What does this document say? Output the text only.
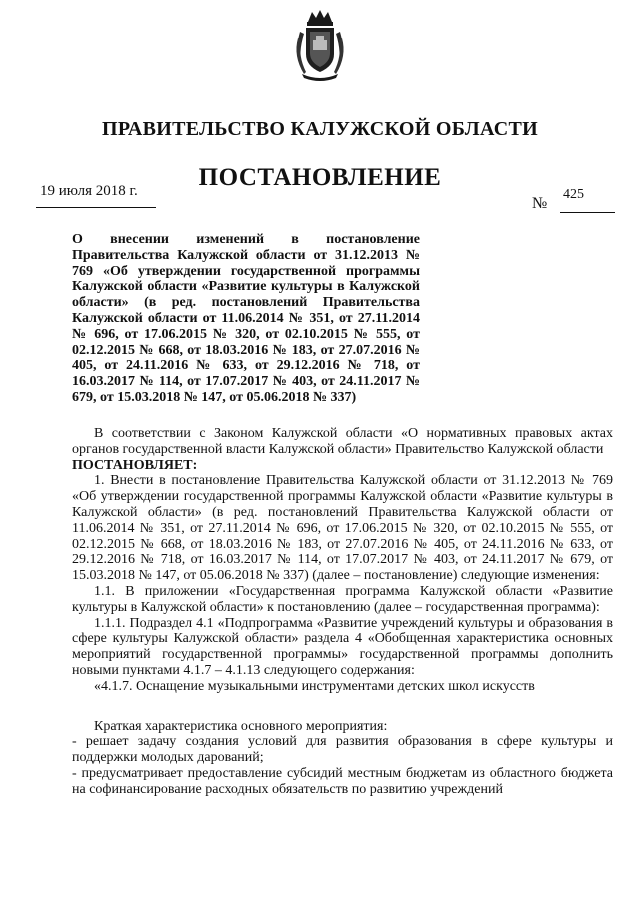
ПРАВИТЕЛЬСТВО КАЛУЖСКОЙ ОБЛАСТИ
ПОСТАНОВЛЕНИЕ
19 июля 2018 г.	425
№
О внесении изменений в постановление Правительства Калужской области от 31.12.2013 № 769 «Об утверждении государственной программы Калужской области «Развитие культуры в Калужской области» (в ред. постановлений Правительства Калужской области от 11.06.2014 № 351, от 27.11.2014 № 696, от 17.06.2015 № 320, от 02.10.2015 № 555, от 02.12.2015 № 668, от 18.03.2016 № 183, от 27.07.2016 № 405, от 24.11.2016 № 633, от 29.12.2016 № 718, от 16.03.2017 № 114, от 17.07.2017 № 403, от 24.11.2017 № 679, от 15.03.2018 № 147, от 05.06.2018 № 337)

В соответствии с Законом Калужской области «О нормативных правовых актах органов государственной власти Калужской области» Правительство Калужской области

ПОСТАНОВЛЯЕТ:

1. Внести в постановление Правительства Калужской области от 31.12.2013 № 769 «Об утверждении государственной программы Калужской области «Развитие культуры в Калужской области» (в ред. постановлений Правительства Калужской области от 11.06.2014 № 351, от 27.11.2014 № 696, от 17.06.2015 № 320, от 02.10.2015 № 555, от 02.12.2015 № 668, от 18.03.2016 № 183, от 27.07.2016 № 405, от 24.11.2016 № 633, от 29.12.2016 № 718, от 16.03.2017 № 114, от 17.07.2017 № 403, от 24.11.2017 № 679, от 15.03.2018 № 147, от 05.06.2018 № 337) (далее – постановление) следующие изменения:

1.1. В приложении «Государственная программа Калужской области «Развитие культуры в Калужской области» к постановлению (далее – государственная программа):

1.1.1. Подраздел 4.1 «Подпрограмма «Развитие учреждений культуры и образования в сфере культуры Калужской области» раздела 4 «Обобщенная характеристика основных мероприятий государственной программы» государственной программы дополнить новыми пунктами 4.1.7 – 4.1.13 следующего содержания:

«4.1.7. Оснащение музыкальными инструментами детских школ искусств

Краткая характеристика основного мероприятия:

- решает задачу создания условий для развития образования в сфере культуры и поддержки молодых дарований;

- предусматривает предоставление субсидий местным бюджетам из областного бюджета на софинансирование расходных обязательств по развитию учреждений
